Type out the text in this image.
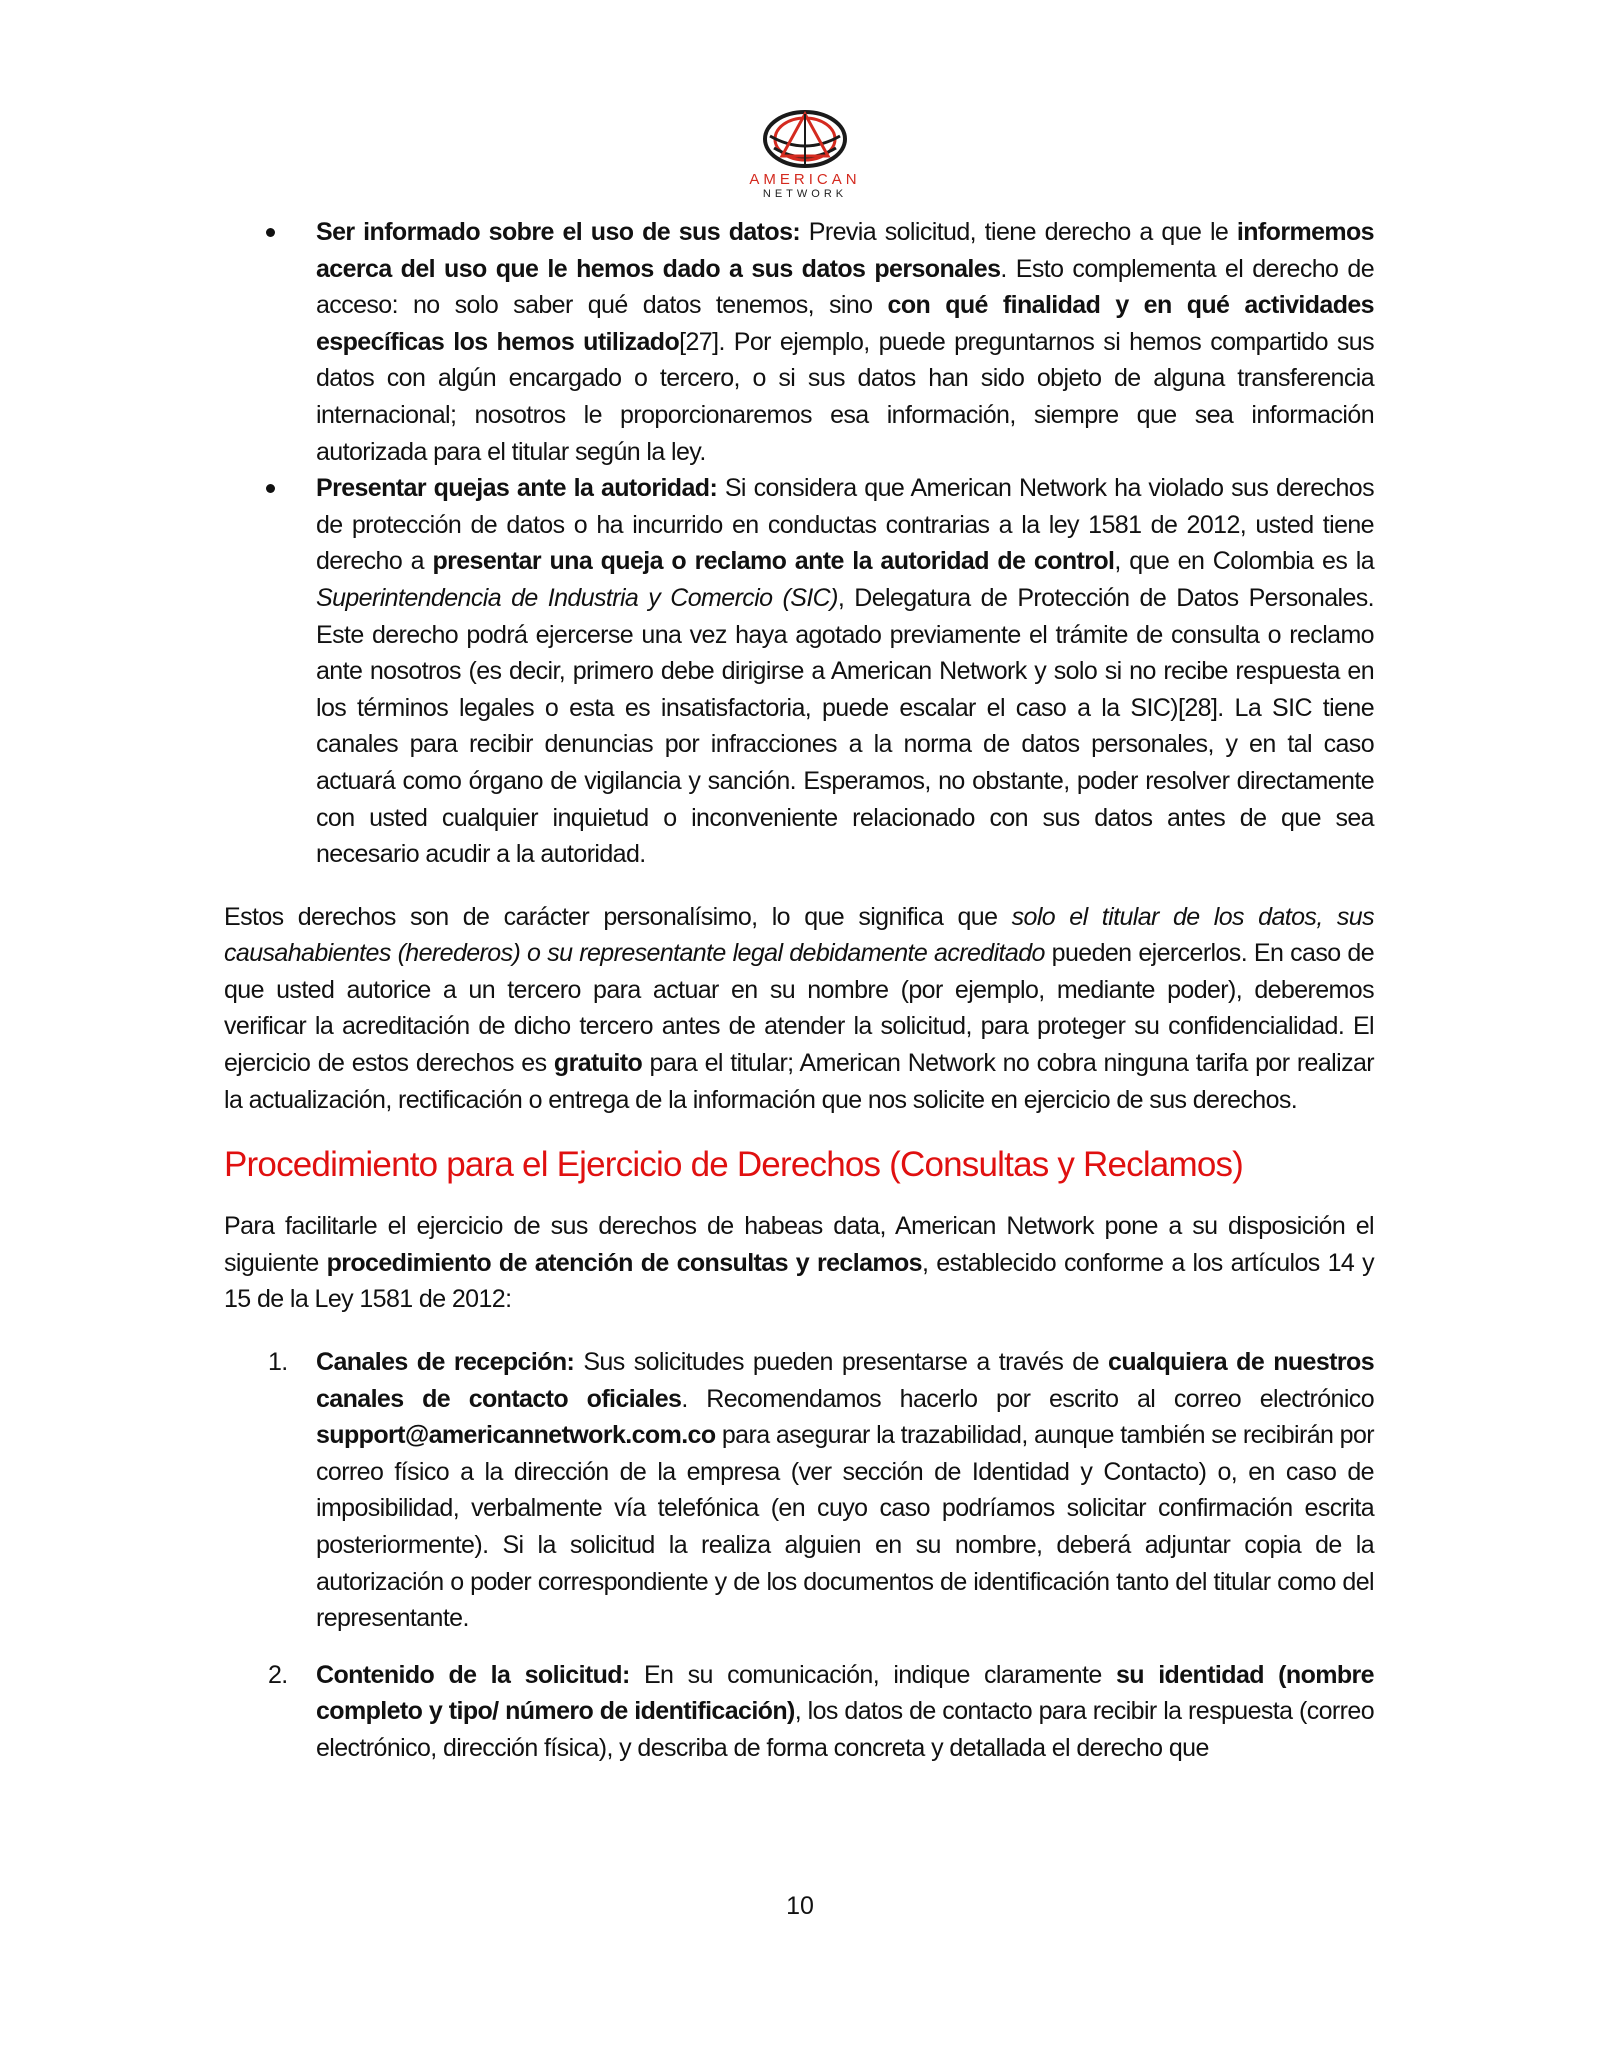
AMERICAN
NETWORK
Ser informado sobre el uso de sus datos: Previa solicitud, tiene derecho a que le informemos acerca del uso que le hemos dado a sus datos personales. Esto complementa el derecho de acceso: no solo saber qué datos tenemos, sino con qué finalidad y en qué actividades específicas los hemos utilizado[27]. Por ejemplo, puede preguntarnos si hemos compartido sus datos con algún encargado o tercero, o si sus datos han sido objeto de alguna transferencia internacional; nosotros le proporcionaremos esa información, siempre que sea información autorizada para el titular según la ley.
Presentar quejas ante la autoridad: Si considera que American Network ha violado sus derechos de protección de datos o ha incurrido en conductas contrarias a la ley 1581 de 2012, usted tiene derecho a presentar una queja o reclamo ante la autoridad de control, que en Colombia es la Superintendencia de Industria y Comercio (SIC), Delegatura de Protección de Datos Personales. Este derecho podrá ejercerse una vez haya agotado previamente el trámite de consulta o reclamo ante nosotros (es decir, primero debe dirigirse a American Network y solo si no recibe respuesta en los términos legales o esta es insatisfactoria, puede escalar el caso a la SIC)[28]. La SIC tiene canales para recibir denuncias por infracciones a la norma de datos personales, y en tal caso actuará como órgano de vigilancia y sanción. Esperamos, no obstante, poder resolver directamente con usted cualquier inquietud o inconveniente relacionado con sus datos antes de que sea necesario acudir a la autoridad.

Estos derechos son de carácter personalísimo, lo que significa que solo el titular de los datos, sus causahabientes (herederos) o su representante legal debidamente acreditado pueden ejercerlos. En caso de que usted autorice a un tercero para actuar en su nombre (por ejemplo, mediante poder), deberemos verificar la acreditación de dicho tercero antes de atender la solicitud, para proteger su confidencialidad. El ejercicio de estos derechos es gratuito para el titular; American Network no cobra ninguna tarifa por realizar la actualización, rectificación o entrega de la información que nos solicite en ejercicio de sus derechos.

Procedimiento para el Ejercicio de Derechos (Consultas y Reclamos)

Para facilitarle el ejercicio de sus derechos de habeas data, American Network pone a su disposición el siguiente procedimiento de atención de consultas y reclamos, establecido conforme a los artículos 14 y 15 de la Ley 1581 de 2012:

1. Canales de recepción: Sus solicitudes pueden presentarse a través de cualquiera de nuestros canales de contacto oficiales. Recomendamos hacerlo por escrito al correo electrónico support@americannetwork.com.co para asegurar la trazabilidad, aunque también se recibirán por correo físico a la dirección de la empresa (ver sección de Identidad y Contacto) o, en caso de imposibilidad, verbalmente vía telefónica (en cuyo caso podríamos solicitar confirmación escrita posteriormente). Si la solicitud la realiza alguien en su nombre, deberá adjuntar copia de la autorización o poder correspondiente y de los documentos de identificación tanto del titular como del representante.
2. Contenido de la solicitud: En su comunicación, indique claramente su identidad (nombre completo y tipo/ número de identificación), los datos de contacto para recibir la respuesta (correo electrónico, dirección física), y describa de forma concreta y detallada el derecho que
10
